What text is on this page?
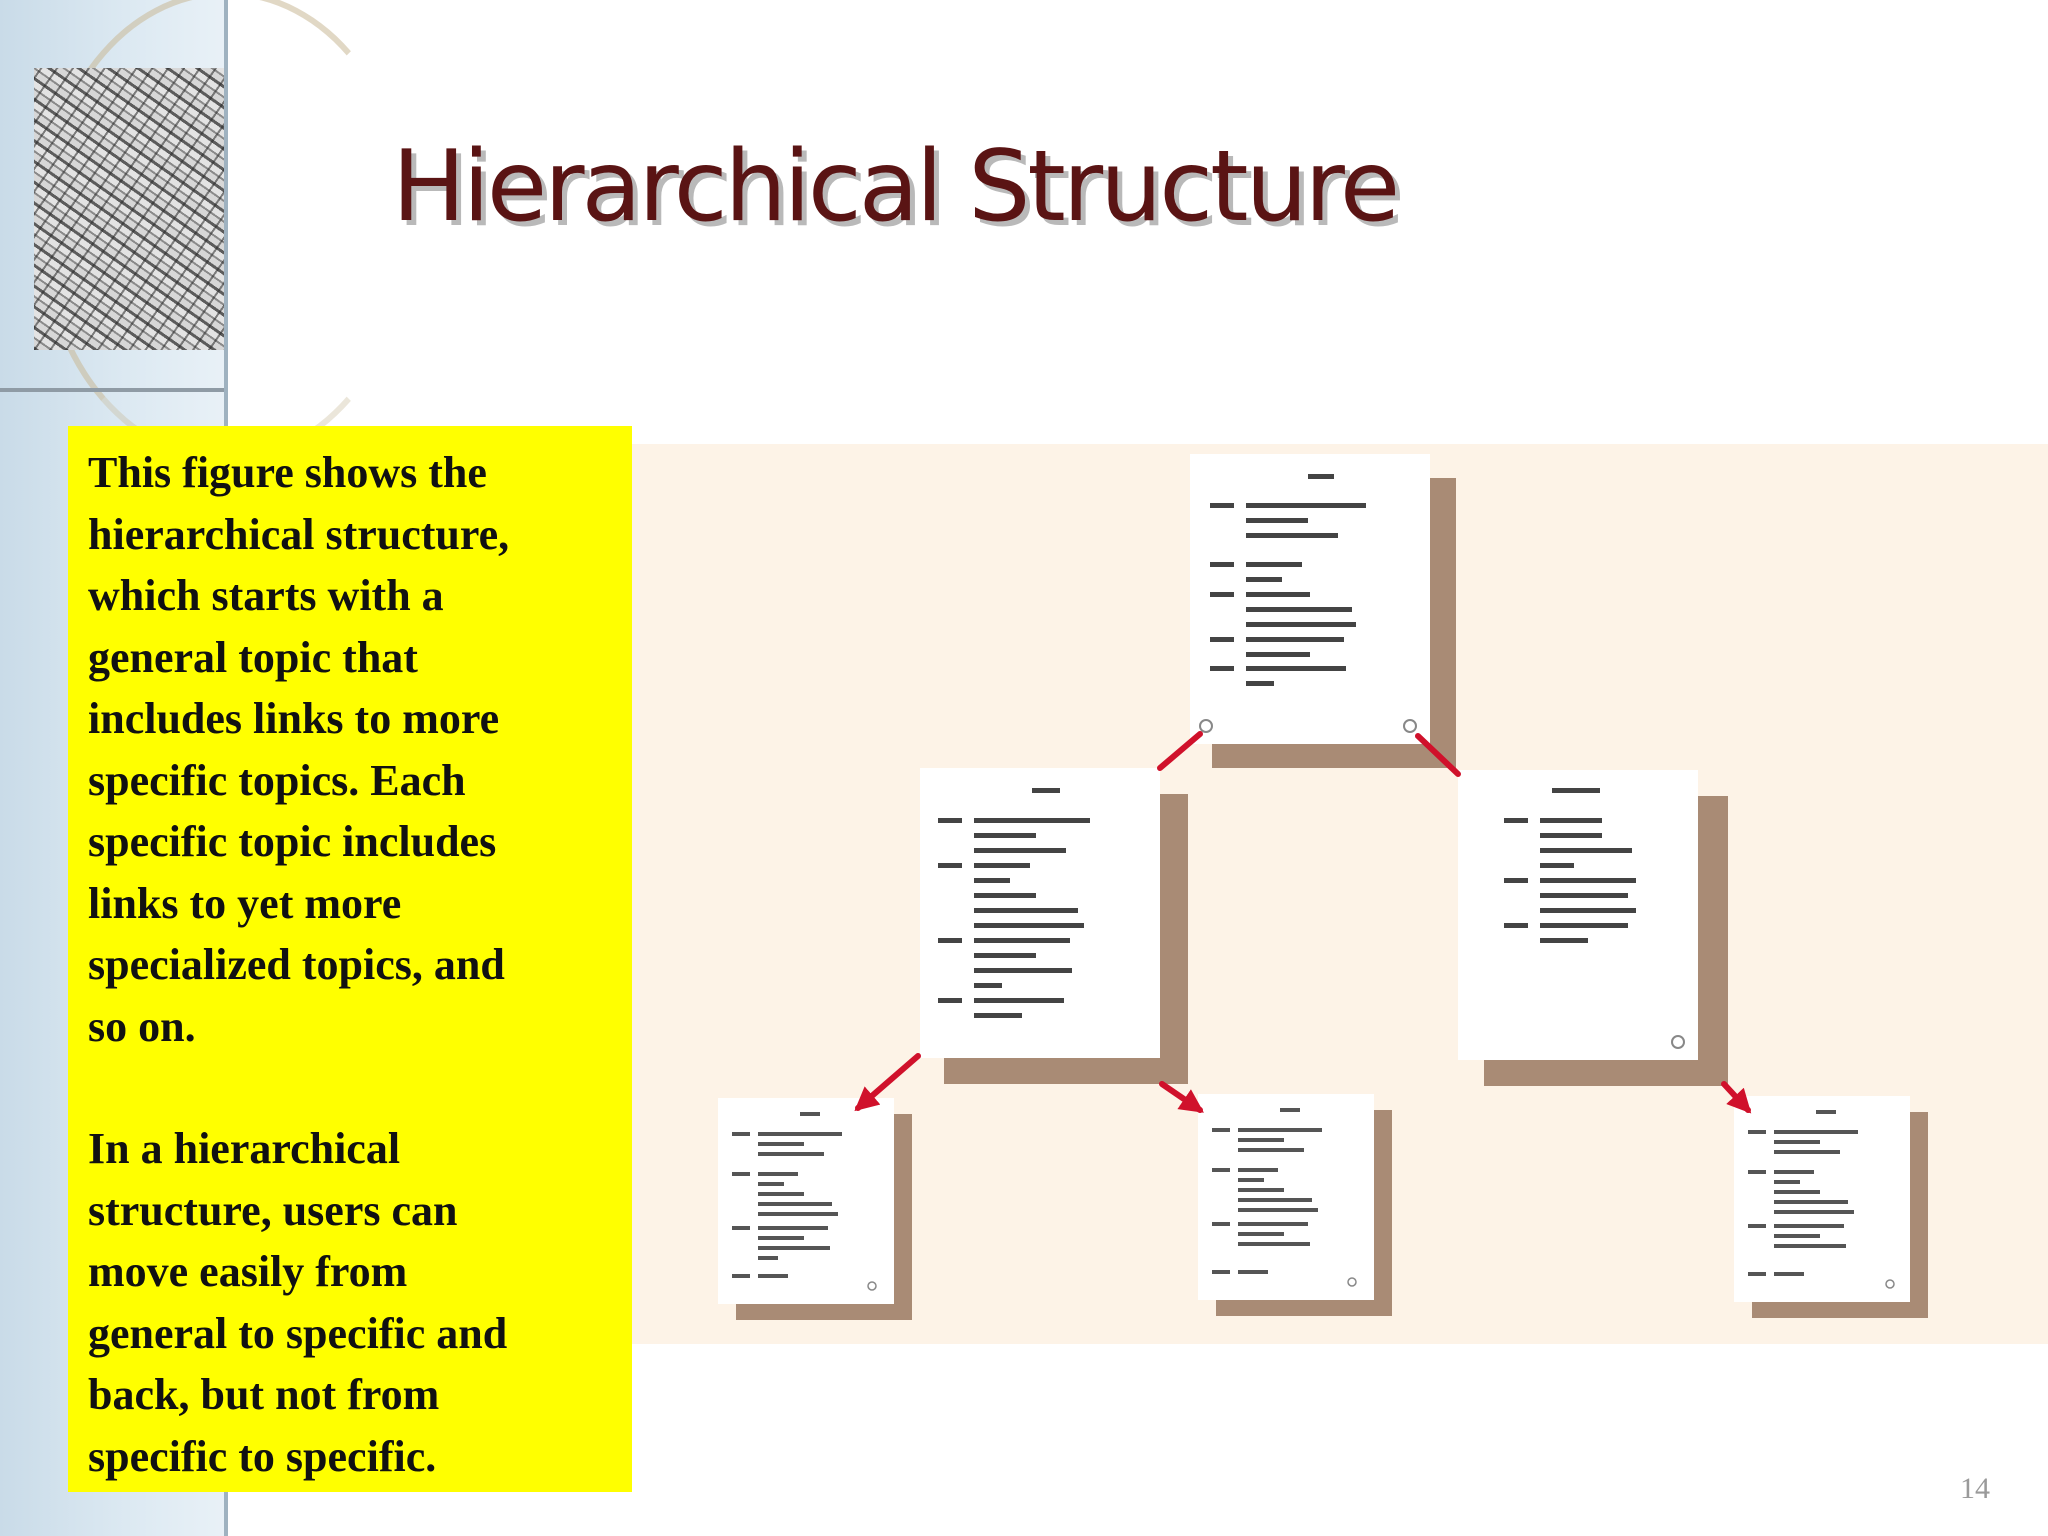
Hierarchical Structure

This figure shows the
hierarchical structure,
which starts with a
general topic that
includes links to more
specific topics. Each
specific topic includes
links to yet more
specialized topics, and
so on.

In a hierarchical
structure, users can
move easily from
general to specific and
back, but not from
specific to specific.

14
